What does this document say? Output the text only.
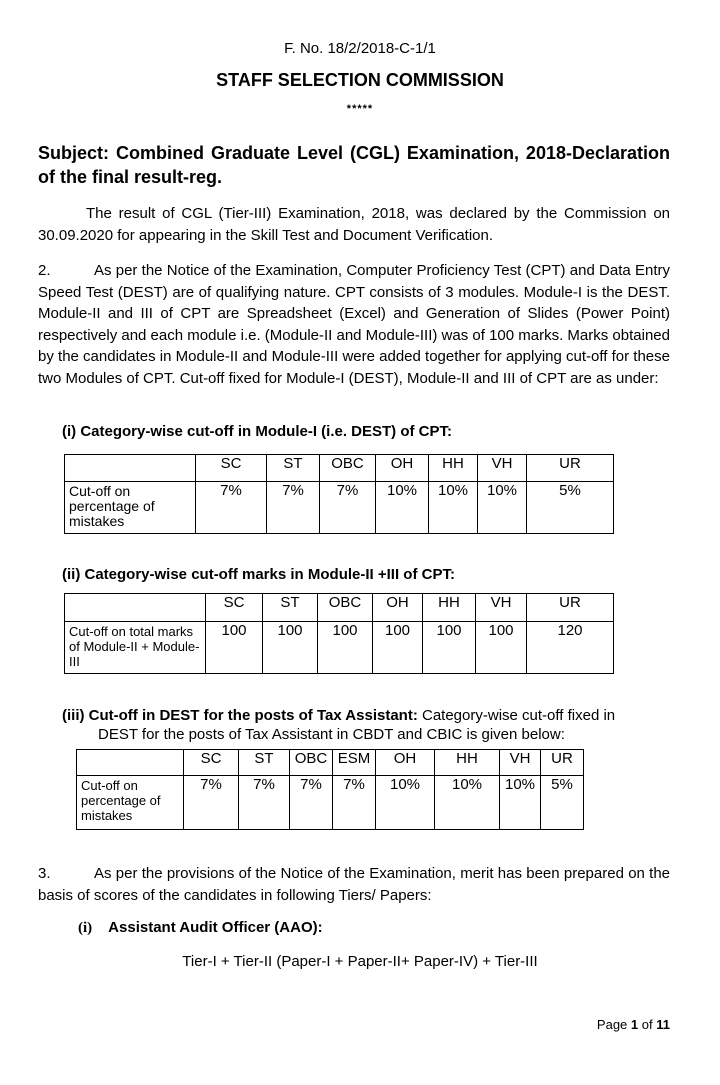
F. No. 18/2/2018-C-1/1
STAFF SELECTION COMMISSION
*****
Subject: Combined Graduate Level (CGL) Examination, 2018-Declaration of the final result-reg.
The result of CGL (Tier-III) Examination, 2018, was declared by the Commission on 30.09.2020 for appearing in the Skill Test and Document Verification.
2.	As per the Notice of the Examination, Computer Proficiency Test (CPT) and Data Entry Speed Test (DEST) are of qualifying nature. CPT consists of 3 modules. Module-I is the DEST. Module-II and III of CPT are Spreadsheet (Excel) and Generation of Slides (Power Point) respectively and each module i.e. (Module-II and Module-III) was of 100 marks. Marks obtained by the candidates in Module-II and Module-III were added together for applying cut-off for these two Modules of CPT. Cut-off fixed for Module-I (DEST), Module-II and III of CPT are as under:
(i) Category-wise cut-off in Module-I (i.e. DEST) of CPT:
	SC	ST	OBC	OH	HH	VH	UR
Cut-off on percentage of mistakes	7%	7%	7%	10%	10%	10%	5%
(ii) Category-wise cut-off marks in Module-II +III of CPT:
	SC	ST	OBC	OH	HH	VH	UR
Cut-off on total marks of Module-II + Module-III	100	100	100	100	100	100	120
(iii) Cut-off in DEST for the posts of Tax Assistant: Category-wise cut-off fixed in

DEST for the posts of Tax Assistant in CBDT and CBIC is given below:
	SC	ST	OBC	ESM	OH	HH	VH	UR
Cut-off on percentage of mistakes	7%	7%	7%	7%	10%	10%	10%	5%
3.	As per the provisions of the Notice of the Examination, merit has been prepared on the basis of scores of the candidates in following Tiers/ Papers:
(i) Assistant Audit Officer (AAO):
Tier-I + Tier-II (Paper-I + Paper-II+ Paper-IV) + Tier-III
Page 1 of 11
